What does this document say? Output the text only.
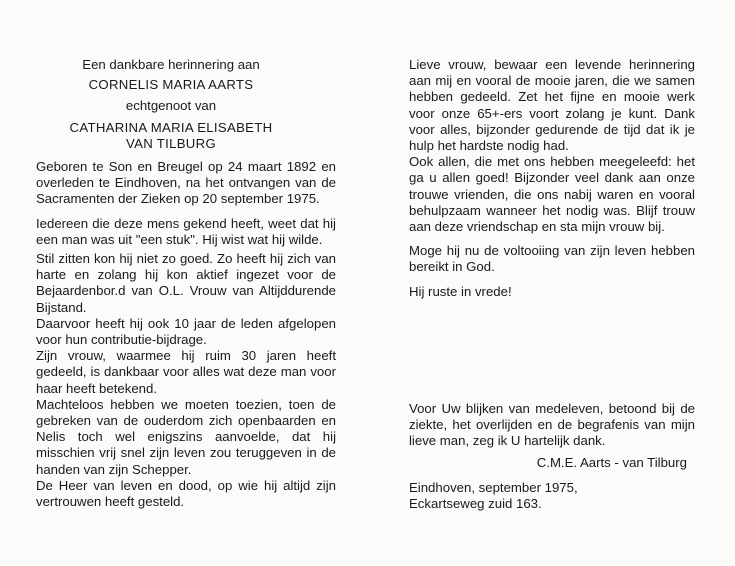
Een dankbare herinnering aan

CORNELIS MARIA AARTS

echtgenoot van

CATHARINA MARIA ELISABETH

VAN TILBURG

Geboren te Son en Breugel op 24 maart 1892 en overleden te Eindhoven, na het ontvangen van de Sacramenten der Zieken op 20 september 1975.

Iedereen die deze mens gekend heeft, weet dat hij een man was uit "een stuk". Hij wist wat hij wilde.

Stil zitten kon hij niet zo goed. Zo heeft hij zich van harte en zolang hij kon aktief ingezet voor de Bejaardenbor.d van O.L. Vrouw van Altijddurende Bijstand.

Daarvoor heeft hij ook 10 jaar de leden afgelopen voor hun contributie-bijdrage.

Zijn vrouw, waarmee hij ruim 30 jaren heeft gedeeld, is dankbaar voor alles wat deze man voor haar heeft betekend.

Machteloos hebben we moeten toezien, toen de gebreken van de ouderdom zich openbaarden en Nelis toch wel enigszins aanvoelde, dat hij misschien vrij snel zijn leven zou teruggeven in de handen van zijn Schepper.

De Heer van leven en dood, op wie hij altijd zijn vertrouwen heeft gesteld.

Lieve vrouw, bewaar een levende herinnering aan mij en vooral de mooie jaren, die we samen hebben gedeeld. Zet het fijne en mooie werk voor onze 65+-ers voort zolang je kunt. Dank voor alles, bijzonder gedurende de tijd dat ik je hulp het hardste nodig had.

Ook allen, die met ons hebben meegeleefd: het ga u allen goed! Bijzonder veel dank aan onze trouwe vrienden, die ons nabij waren en vooral behulpzaam wanneer het nodig was. Blijf trouw aan deze vriendschap en sta mijn vrouw bij.

Moge hij nu de voltooiing van zijn leven hebben bereikt in God.

Hij ruste in vrede!

Voor Uw blijken van medeleven, betoond bij de ziekte, het overlijden en de begrafenis van mijn lieve man, zeg ik U hartelijk dank.

C.M.E. Aarts - van Tilburg

Eindhoven, september 1975,

Eckartseweg zuid 163.
